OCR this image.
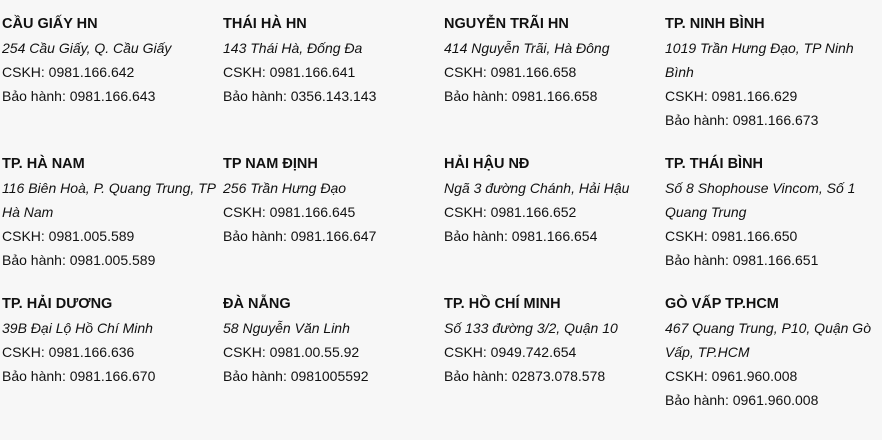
CẦU GIẤY HN
254 Cầu Giấy, Q. Cầu Giấy
CSKH: 0981.166.642
Bảo hành: 0981.166.643
THÁI HÀ HN
143 Thái Hà, Đống Đa
CSKH: 0981.166.641
Bảo hành: 0356.143.143
NGUYỄN TRÃI HN
414 Nguyễn Trãi, Hà Đông
CSKH: 0981.166.658
Bảo hành: 0981.166.658
TP. NINH BÌNH
1019 Trần Hưng Đạo, TP Ninh Bình
CSKH: 0981.166.629
Bảo hành: 0981.166.673
TP. HÀ NAM
116 Biên Hoà, P. Quang Trung, TP Hà Nam
CSKH: 0981.005.589
Bảo hành: 0981.005.589
TP NAM ĐỊNH
256 Trần Hưng Đạo
CSKH: 0981.166.645
Bảo hành: 0981.166.647
HẢI HẬU NĐ
Ngã 3 đường Chánh, Hải Hậu
CSKH: 0981.166.652
Bảo hành: 0981.166.654
TP. THÁI BÌNH
Số 8 Shophouse Vincom, Số 1 Quang Trung
CSKH: 0981.166.650
Bảo hành: 0981.166.651
TP. HẢI DƯƠNG
39B Đại Lộ Hồ Chí Minh
CSKH: 0981.166.636
Bảo hành: 0981.166.670
ĐÀ NẴNG
58 Nguyễn Văn Linh
CSKH: 0981.00.55.92
Bảo hành: 0981005592
TP. HỒ CHÍ MINH
Số 133 đường 3/2, Quận 10
CSKH: 0949.742.654
Bảo hành: 02873.078.578
GÒ VẤP TP.HCM
467 Quang Trung, P10, Quận Gò Vấp, TP.HCM
CSKH: 0961.960.008
Bảo hành: 0961.960.008
